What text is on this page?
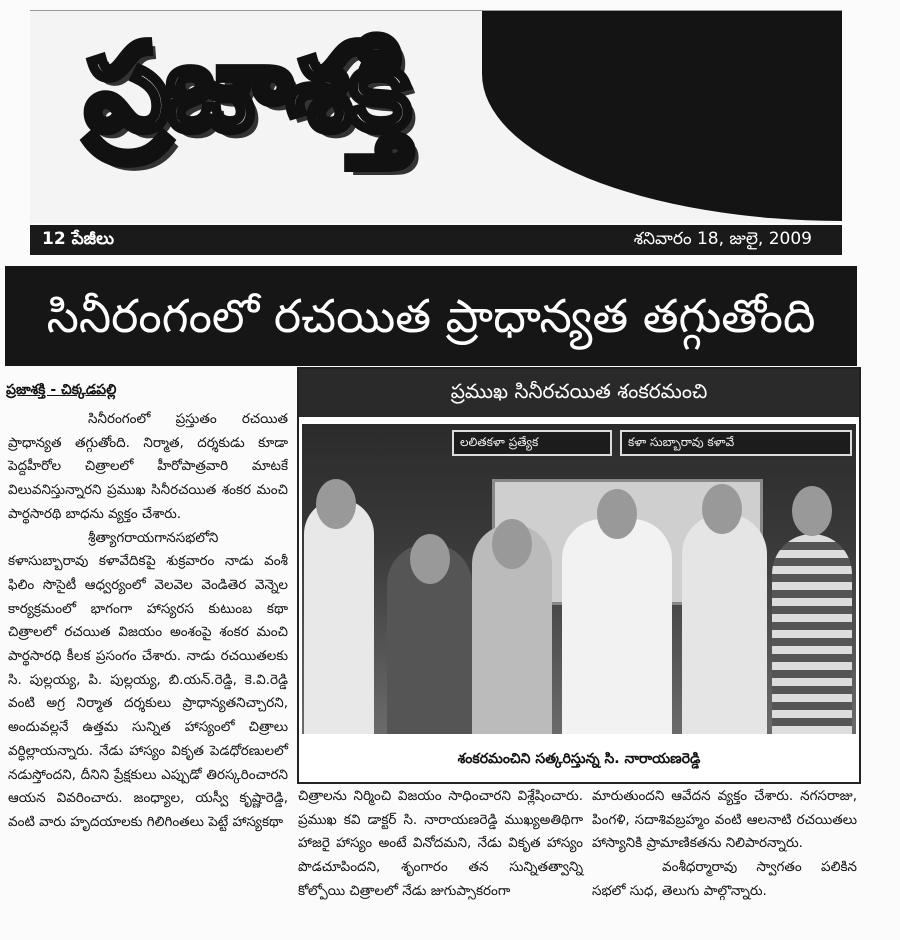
ప్రజాశక్తి
12 పేజీలు	శనివారం 18, జులై, 2009
సినీరంగంలో రచయిత ప్రాధాన్యత తగ్గుతోంది
ప్రజాశక్తి - చిక్కడపల్లి

సినీరంగంలో ప్రస్తుతం రచయిత ప్రాధాన్యత తగ్గుతోంది. నిర్మాత, దర్శకుడు కూడా పెద్దహీరోల చిత్రాలలో హీరోపాత్రవారి మాటకే విలువనిస్తున్నారని ప్రముఖ సినీరచయిత శంకర మంచి పార్థసారథి బాధను వ్యక్తం చేశారు.

శ్రీత్యాగరాయగానసభలోని కళాసుబ్బారావు కళావేదికపై శుక్రవారం నాడు వంశీ ఫిలిం సొసైటీ ఆధ్వర్యంలో వెలవెల వెండితెర వెన్నెల కార్యక్రమంలో భాగంగా హాస్యరస కుటుంబ కథా చిత్రాలలో రచయిత విజయం అంశంపై శంకర మంచి పార్థసారధి కీలక ప్రసంగం చేశారు. నాడు రచయితలకు సి. పుల్లయ్య, పి. పుల్లయ్య, బి.యన్.రెడ్డి, కె.వి.రెడ్డి వంటి అగ్ర నిర్మాత దర్శకులు ప్రాధాన్యతనిచ్చారని, అందువల్లనే ఉత్తమ సున్నిత హాస్యంలో చిత్రాలు వర్ధిల్లాయన్నారు. నేడు హాస్యం వికృత పెడధోరణులలో నడుస్తోందని, దీనిని ప్రేక్షకులు ఎప్పుడో తిరస్కరించారని ఆయన వివరించారు. జంధ్యాల, యస్వీ కృష్ణారెడ్డి, వంటి వారు హృదయాలకు గిలిగింతలు పెట్టే హాస్యకథా

ప్రముఖ సినీరచయిత శంకరమంచి
లలితకళా ప్రత్యేక	కళా సుబ్బారావు కళావే
శంకరమంచిని సత్కరిస్తున్న సి. నారాయణరెడ్డి

చిత్రాలను నిర్మించి విజయం సాధించారని విశ్లేషించారు. ప్రముఖ కవి డాక్టర్ సి. నారాయణరెడ్డి ముఖ్యఅతిథిగా హాజరై హాస్యం అంటే వినోదమని, నేడు వికృత హాస్యం పొడచూపిందని, శృంగారం తన సున్నితత్వాన్ని కోల్పోయి చిత్రాలలో నేడు జుగుప్సాకరంగా

మారుతుందని ఆవేదన వ్యక్తం చేశారు. నగసరాజు, పింగళి, సదాశివబ్రహ్మం వంటి ఆలనాటి రచయితలు హాస్యానికి ప్రామాణికతను నిలిపారన్నారు.

వంశీధర్మారావు స్వాగతం పలికిన సభలో సుధ, తెలుగు పాల్గొన్నారు.
